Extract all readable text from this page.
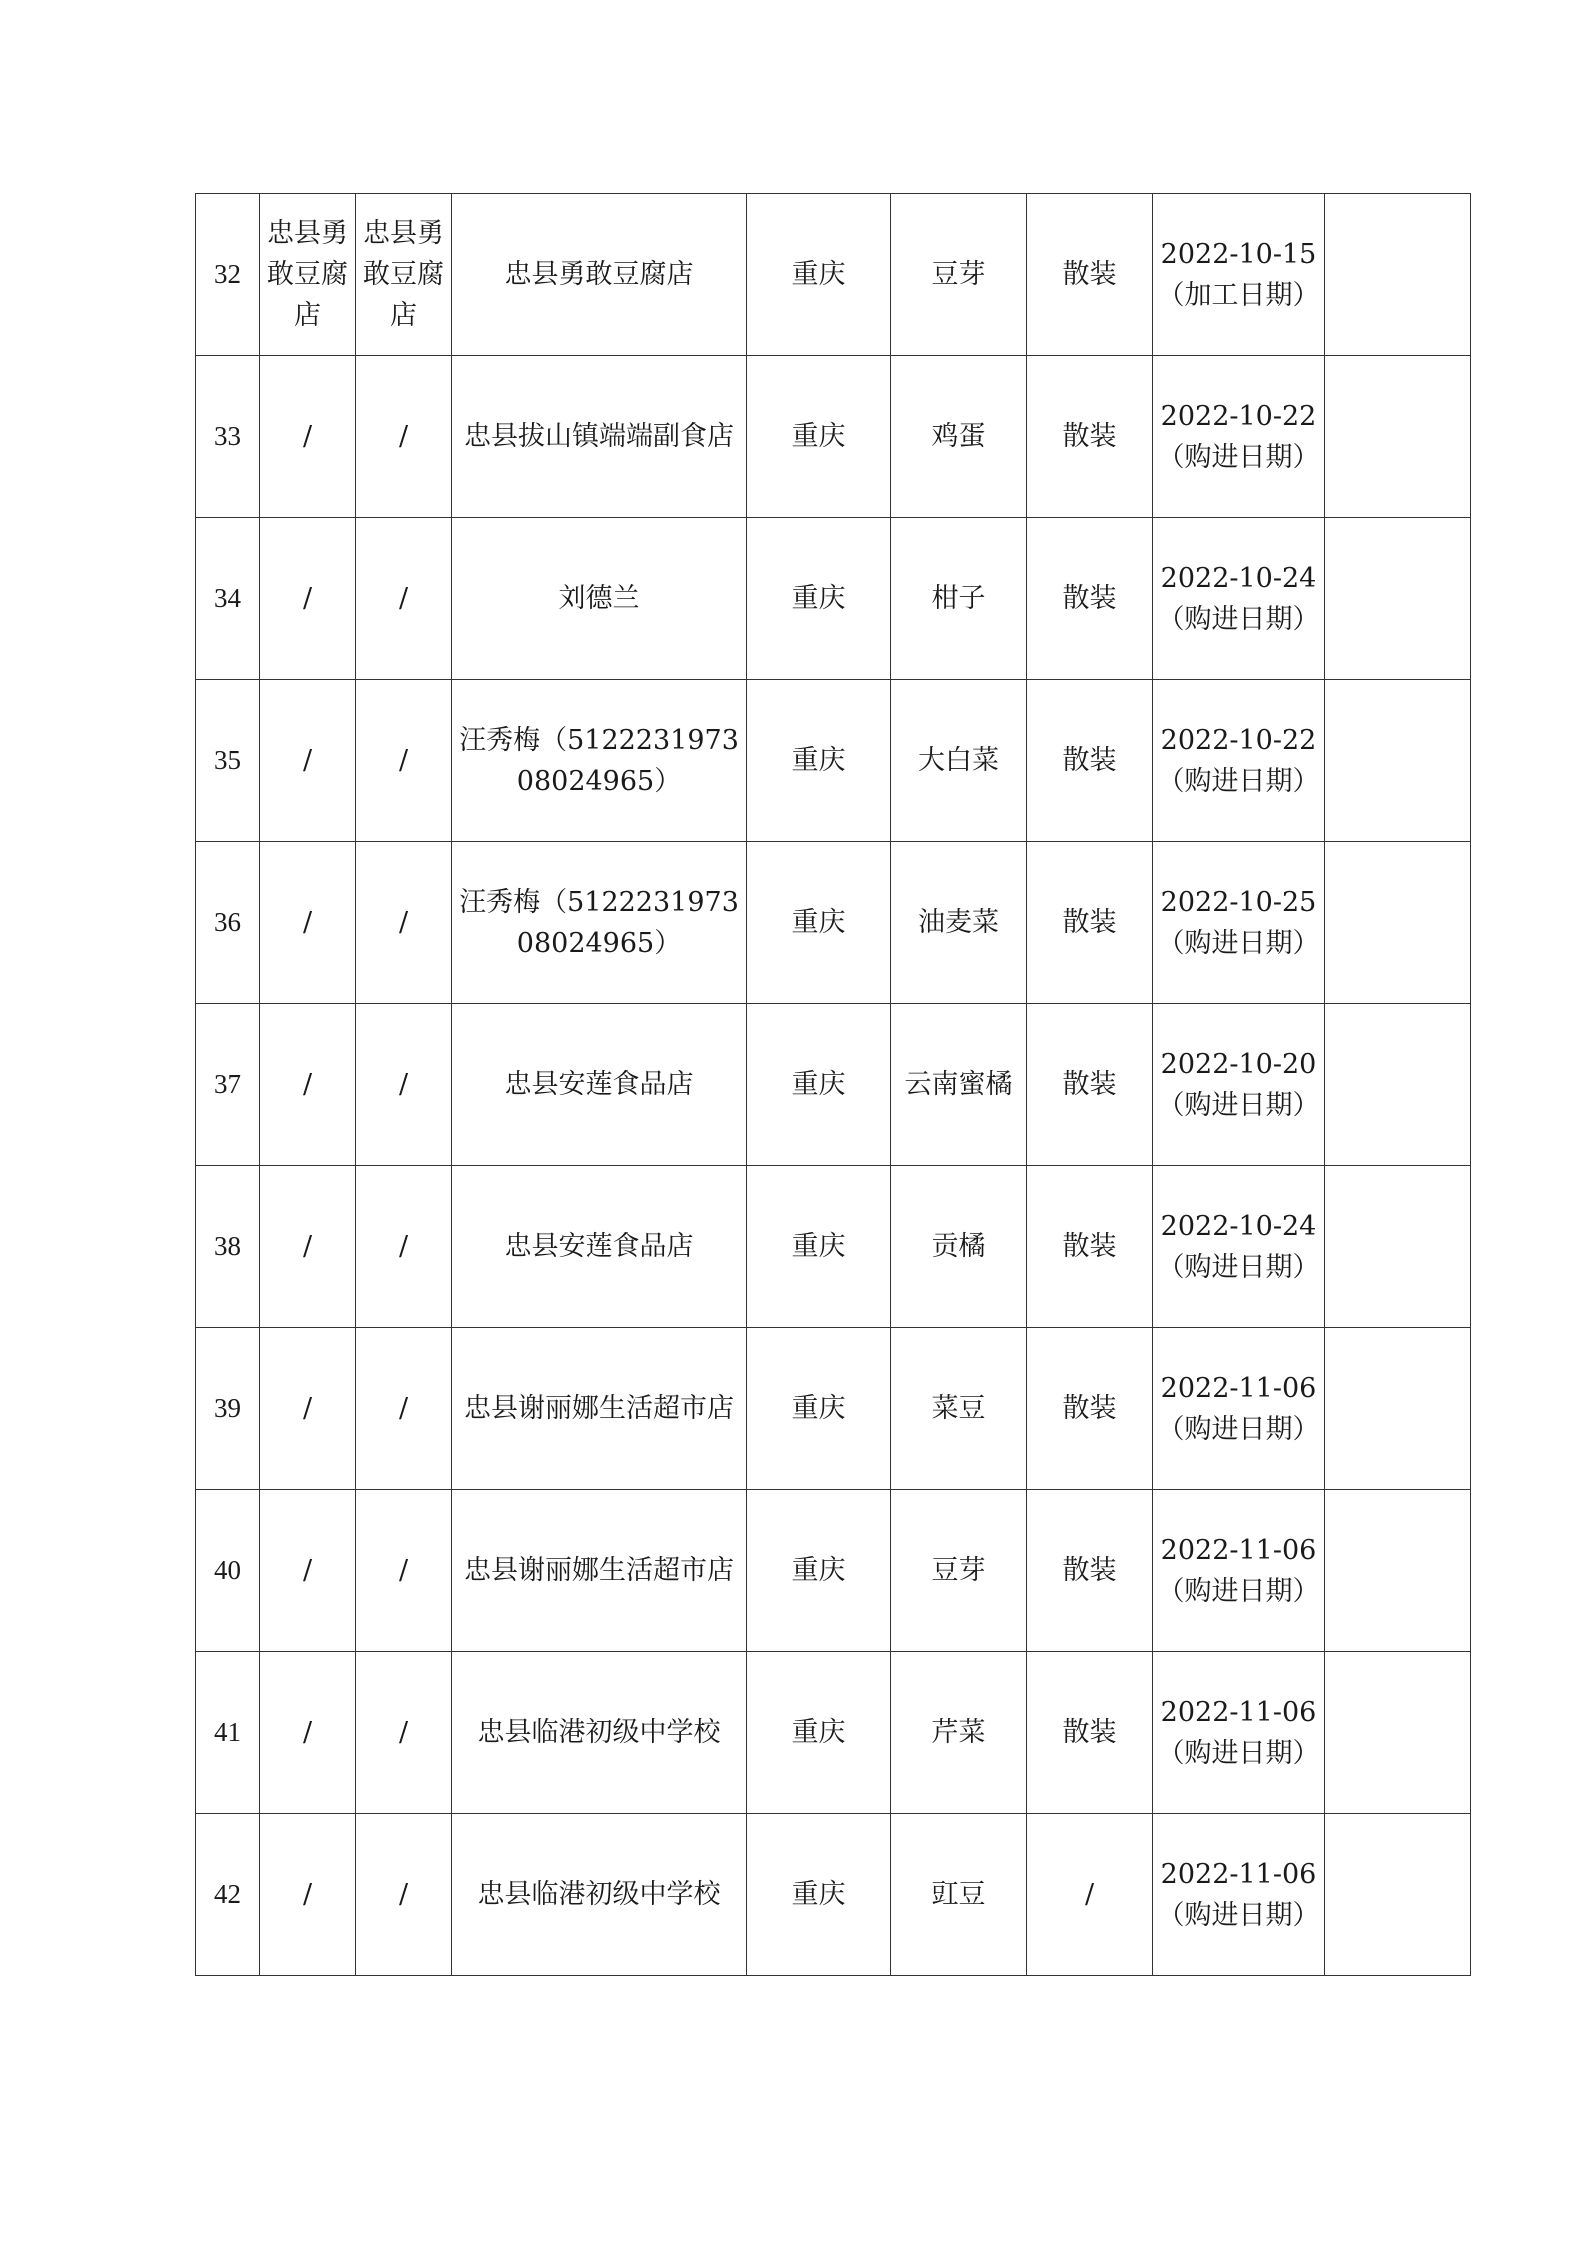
32	忠县勇敢豆腐店	忠县勇敢豆腐店	忠县勇敢豆腐店	重庆	豆芽	散装	2022-10-15
（加工日期）	

33	/	/	忠县拔山镇端端副食店	重庆	鸡蛋	散装	2022-10-22
（购进日期）	

34	/	/	刘德兰	重庆	柑子	散装	2022-10-24
（购进日期）	

35	/	/	汪秀梅（512223197308024965）	重庆	大白菜	散装	2022-10-22
（购进日期）	

36	/	/	汪秀梅（512223197308024965）	重庆	油麦菜	散装	2022-10-25
（购进日期）	

37	/	/	忠县安莲食品店	重庆	云南蜜橘	散装	2022-10-20
（购进日期）	

38	/	/	忠县安莲食品店	重庆	贡橘	散装	2022-10-24
（购进日期）	

39	/	/	忠县谢丽娜生活超市店	重庆	菜豆	散装	2022-11-06
（购进日期）	

40	/	/	忠县谢丽娜生活超市店	重庆	豆芽	散装	2022-11-06
（购进日期）	

41	/	/	忠县临港初级中学校	重庆	芹菜	散装	2022-11-06
（购进日期）	

42	/	/	忠县临港初级中学校	重庆	豇豆	/	2022-11-06
（购进日期）	
